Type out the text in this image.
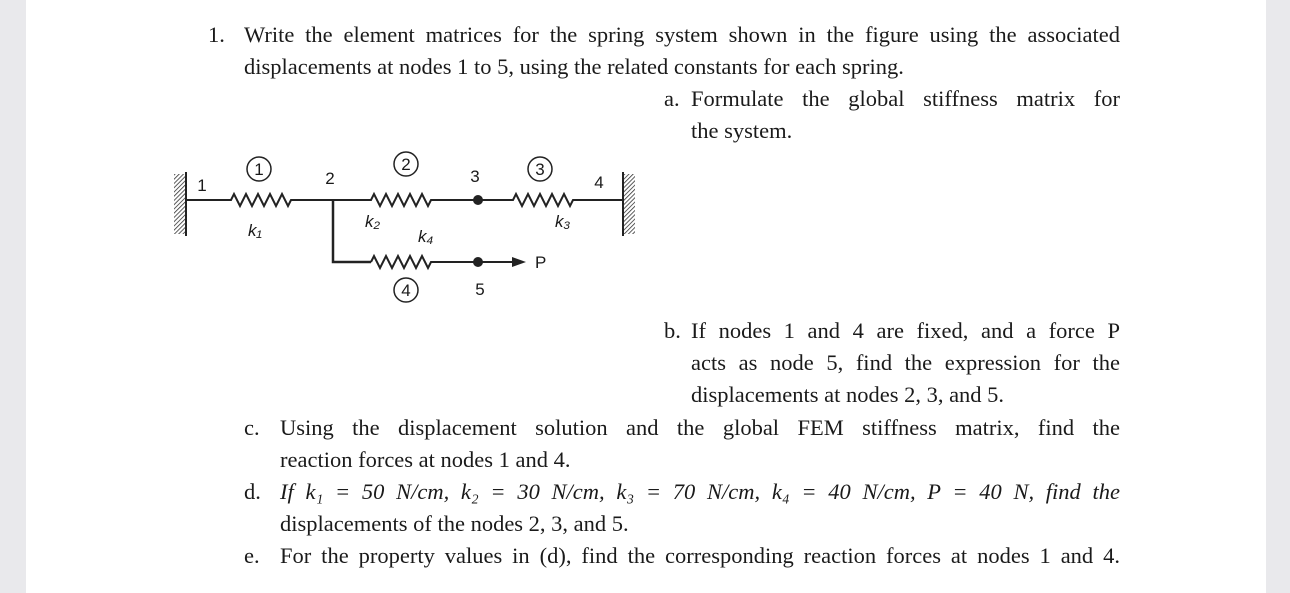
1. Write the element matrices for the spring system shown in the figure using the associated
displacements at nodes 1 to 5, using the related constants for each spring.
a. Formulate the global stiffness matrix for
the system.
1	2	3
4
1	2	3	4
5
k₁	k₂	k₃
k₄
P
b. If nodes 1 and 4 are fixed, and a force P
acts as node 5, find the expression for the
displacements at nodes 2, 3, and 5.
c. Using the displacement solution and the global FEM stiffness matrix, find the
reaction forces at nodes 1 and 4.
d. If k₁ = 50 N/cm, k₂ = 30 N/cm, k₃ = 70 N/cm, k₄ = 40 N/cm, P = 40 N, find the
displacements of the nodes 2, 3, and 5.
e. For the property values in (d), find the corresponding reaction forces at nodes 1 and 4.
